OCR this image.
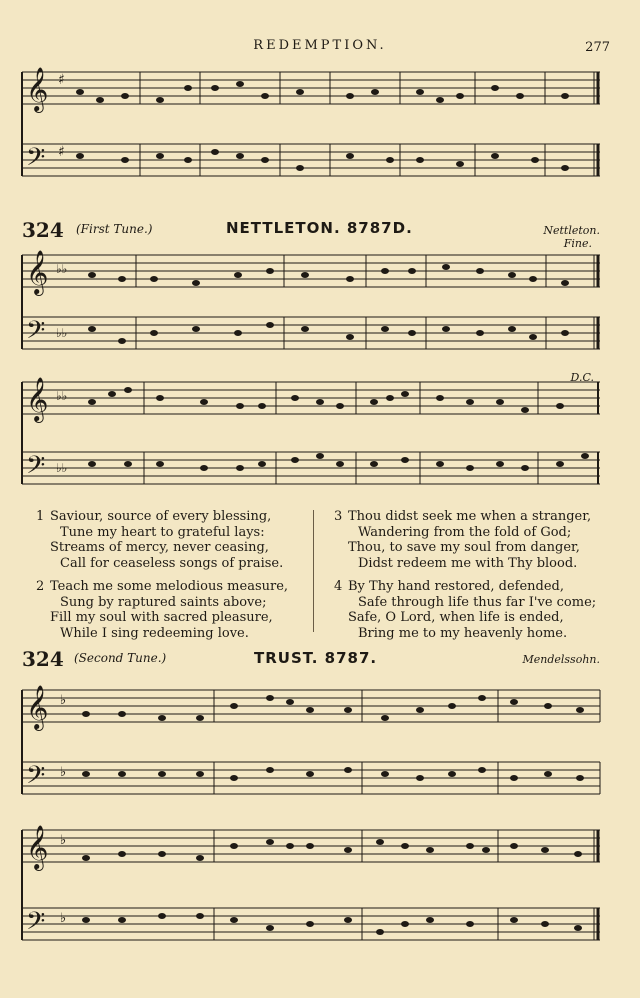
REDEMPTION.	277
𝄞
𝄢
♯
♯
324 (First Tune.)	NETTLETON. 8787D.	Nettleton.
Fine.
𝄞
𝄢
♭♭
♭♭
𝄞
𝄢
♭♭
♭♭
D.C.
1 Saviour, source of every blessing,
Tune my heart to grateful lays:
Streams of mercy, never ceasing,
Call for ceaseless songs of praise.
2 Teach me some melodious measure,
Sung by raptured saints above;
Fill my soul with sacred pleasure,
While I sing redeeming love.
3 Thou didst seek me when a stranger,
Wandering from the fold of God;
Thou, to save my soul from danger,
Didst redeem me with Thy blood.
4 By Thy hand restored, defended,
Safe through life thus far I've come;
Safe, O Lord, when life is ended,
Bring me to my heavenly home.
324 (Second Tune.)	TRUST. 8787.	Mendelssohn.
𝄞
𝄢
♭
♭
𝄞
𝄢
♭
♭
